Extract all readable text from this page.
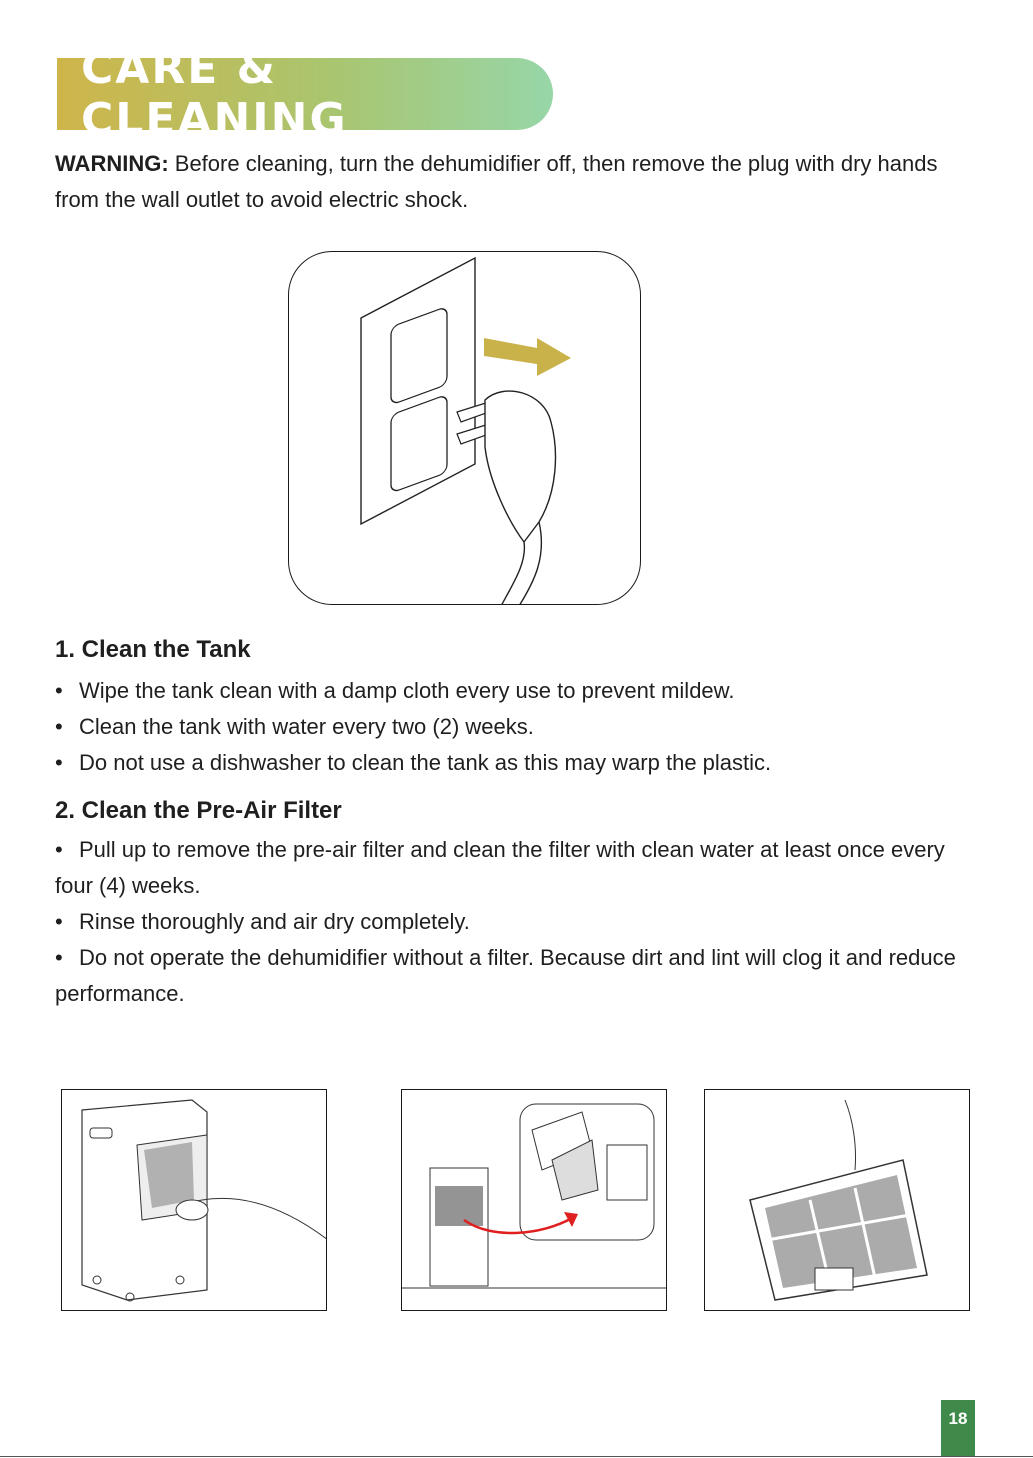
CARE & CLEANING
WARNING: Before cleaning, turn the dehumidifier off, then remove the plug with dry hands from the wall outlet to avoid electric shock.
1. Clean the Tank
• Wipe the tank clean with a damp cloth every use to prevent mildew.
• Clean the tank with water every two (2) weeks.
• Do not use a dishwasher to clean the tank as this may warp the plastic.
2. Clean the Pre-Air Filter
• Pull up to remove the pre-air filter and clean the filter with clean water at least once every four (4) weeks.
• Rinse thoroughly and air dry completely.
• Do not operate the dehumidifier without a filter. Because dirt and lint will clog it and reduce performance.
18
